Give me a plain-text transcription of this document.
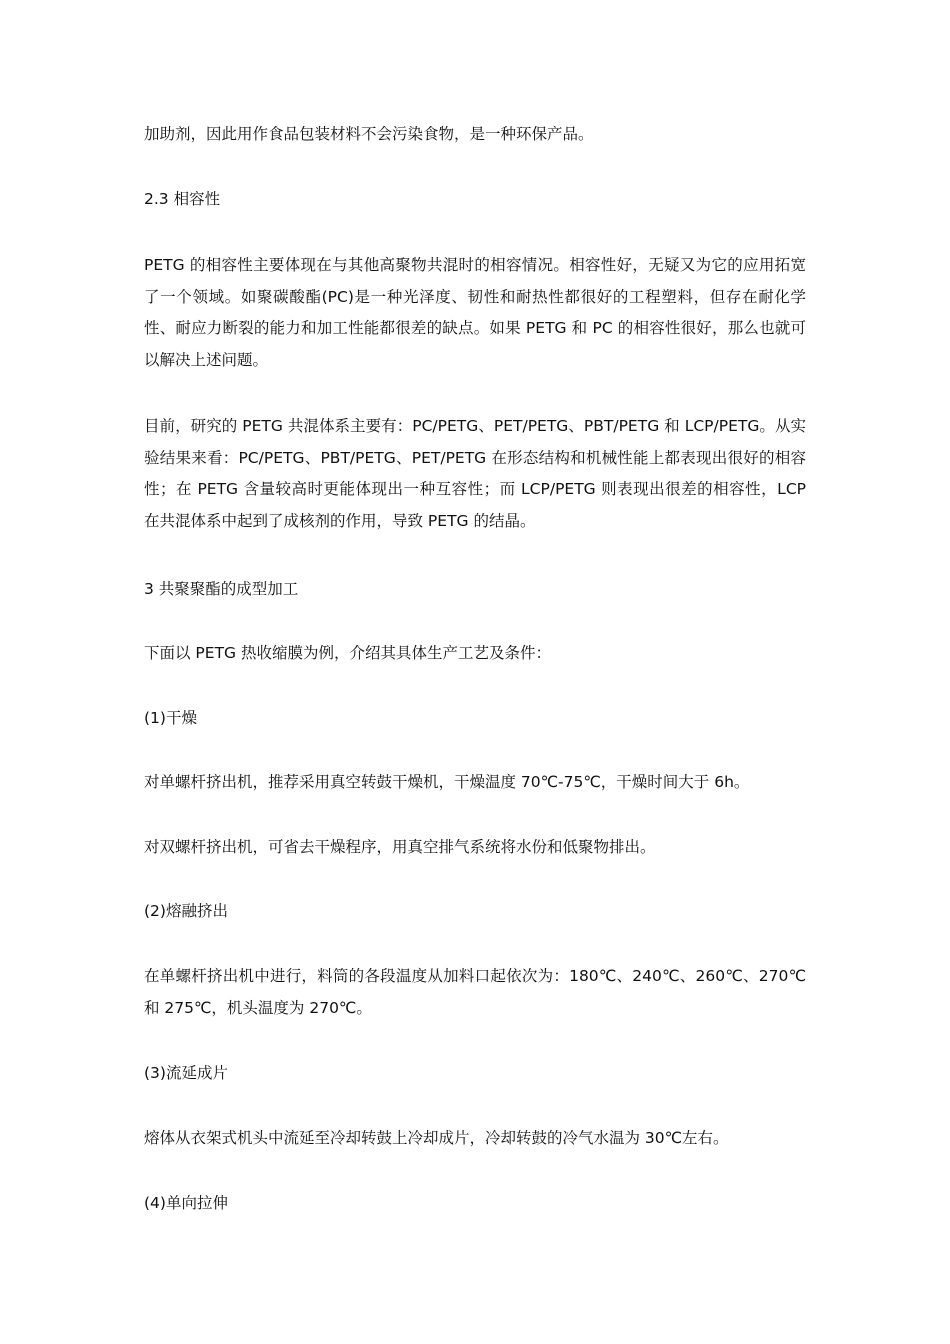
加助剂，因此用作食品包装材料不会污染食物，是一种环保产品。

2.3 相容性

PETG 的相容性主要体现在与其他高聚物共混时的相容情况。相容性好，无疑又为它的应用拓宽了一个领域。如聚碳酸酯(PC)是一种光泽度、韧性和耐热性都很好的工程塑料，但存在耐化学性、耐应力断裂的能力和加工性能都很差的缺点。如果 PETG 和 PC 的相容性很好，那么也就可以解决上述问题。

目前，研究的 PETG 共混体系主要有：PC/PETG、PET/PETG、PBT/PETG 和 LCP/PETG。从实验结果来看：PC/PETG、PBT/PETG、PET/PETG 在形态结构和机械性能上都表现出很好的相容性；在 PETG 含量较高时更能体现出一种互容性；而 LCP/PETG 则表现出很差的相容性，LCP 在共混体系中起到了成核剂的作用，导致 PETG 的结晶。

3 共聚聚酯的成型加工

下面以 PETG 热收缩膜为例，介绍其具体生产工艺及条件：

(1)干燥

对单螺杆挤出机，推荐采用真空转鼓干燥机，干燥温度 70℃-75℃，干燥时间大于 6h。

对双螺杆挤出机，可省去干燥程序，用真空排气系统将水份和低聚物排出。

(2)熔融挤出

在单螺杆挤出机中进行，料筒的各段温度从加料口起依次为：180℃、240℃、260℃、270℃和 275℃，机头温度为 270℃。

(3)流延成片

熔体从衣架式机头中流延至冷却转鼓上冷却成片，冷却转鼓的冷气水温为 30℃左右。

(4)单向拉伸
